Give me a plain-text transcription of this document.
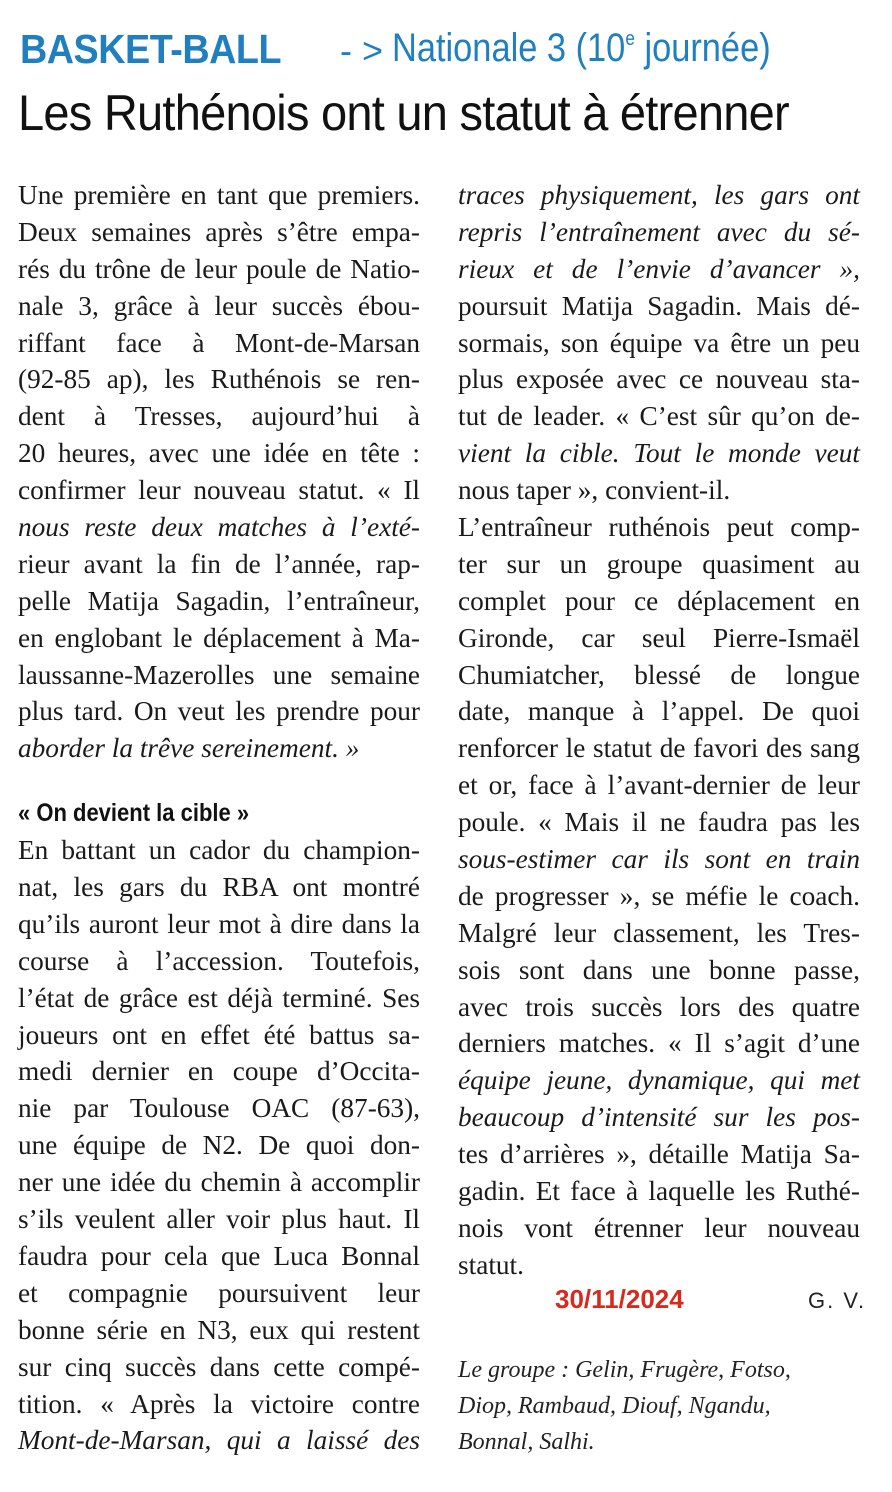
BASKET-BALL - > Nationale 3 (10e journée)
Les Ruthénois ont un statut à étrenner
Une première en tant que premiers.
Deux semaines après s’être empa-
rés du trône de leur poule de Natio-
nale 3, grâce à leur succès ébou-
riffant face à Mont-de-Marsan
(92-85 ap), les Ruthénois se ren-
dent à Tresses, aujourd’hui à
20 heures, avec une idée en tête :
confirmer leur nouveau statut. « Il
nous reste deux matches à l’exté-
rieur avant la fin de l’année, rap-
pelle Matija Sagadin, l’entraîneur,
en englobant le déplacement à Ma-
laussanne-Mazerolles une semaine
plus tard. On veut les prendre pour
aborder la trêve sereinement. »
« On devient la cible »
En battant un cador du champion-
nat, les gars du RBA ont montré
qu’ils auront leur mot à dire dans la
course à l’accession. Toutefois,
l’état de grâce est déjà terminé. Ses
joueurs ont en effet été battus sa-
medi dernier en coupe d’Occita-
nie par Toulouse OAC (87-63),
une équipe de N2. De quoi don-
ner une idée du chemin à accomplir
s’ils veulent aller voir plus haut. Il
faudra pour cela que Luca Bonnal
et compagnie poursuivent leur
bonne série en N3, eux qui restent
sur cinq succès dans cette compé-
tition. « Après la victoire contre
Mont-de-Marsan, qui a laissé des
traces physiquement, les gars ont
repris l’entraînement avec du sé-
rieux et de l’envie d’avancer »,
poursuit Matija Sagadin. Mais dé-
sormais, son équipe va être un peu
plus exposée avec ce nouveau sta-
tut de leader. « C’est sûr qu’on de-
vient la cible. Tout le monde veut
nous taper », convient-il.
L’entraîneur ruthénois peut comp-
ter sur un groupe quasiment au
complet pour ce déplacement en
Gironde, car seul Pierre-Ismaël
Chumiatcher, blessé de longue
date, manque à l’appel. De quoi
renforcer le statut de favori des sang
et or, face à l’avant-dernier de leur
poule. « Mais il ne faudra pas les
sous-estimer car ils sont en train
de progresser », se méfie le coach.
Malgré leur classement, les Tres-
sois sont dans une bonne passe,
avec trois succès lors des quatre
derniers matches. « Il s’agit d’une
équipe jeune, dynamique, qui met
beaucoup d’intensité sur les pos-
tes d’arrières », détaille Matija Sa-
gadin. Et face à laquelle les Ruthé-
nois vont étrenner leur nouveau
statut.
30/11/2024	G. V.
Le groupe : Gelin, Frugère, Fotso,
Diop, Rambaud, Diouf, Ngandu,
Bonnal, Salhi.
